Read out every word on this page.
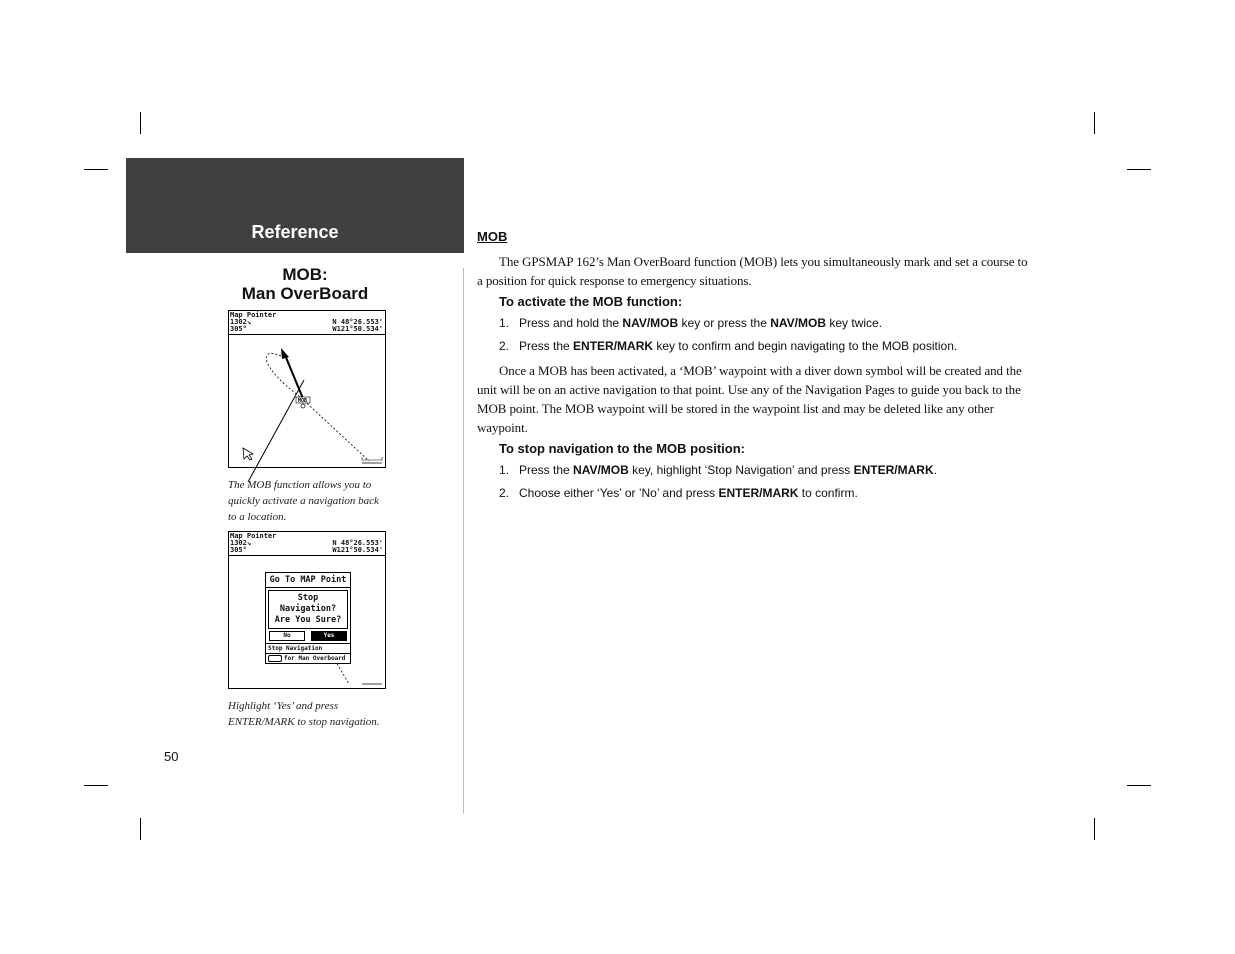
Reference
MOB:
Man OverBoard
Map Pointer
1302↘
305°
N 48°26.553'
W121°50.534'
MOB
The MOB function allows you to quickly activate a navigation back to a location.
Map Pointer
1302↘
305°
N 48°26.553'
W121°50.534'
Go To MAP Point
Stop Navigation?
Are You Sure?
No	Yes
Stop Navigation
for Man Overboard
Highlight ‘Yes’ and press ENTER/MARK to stop navigation.
50
MOB

The GPSMAP 162’s Man OverBoard function (MOB) lets you simultaneously mark and set a course to a position for quick response to emergency situations.

To activate the MOB function:
1. Press and hold the NAV/MOB key or press the NAV/MOB key twice.
2. Press the ENTER/MARK key to confirm and begin navigating to the MOB position.

Once a MOB has been activated, a ‘MOB’ waypoint with a diver down symbol will be created and the unit will be on an active navigation to that point. Use any of the Navigation Pages to guide you back to the MOB point. The MOB waypoint will be stored in the waypoint list and may be deleted like any other waypoint.

To stop navigation to the MOB position:
1. Press the NAV/MOB key, highlight ‘Stop Navigation’ and press ENTER/MARK.
2. Choose either ‘Yes’ or ’No’ and press ENTER/MARK to confirm.
